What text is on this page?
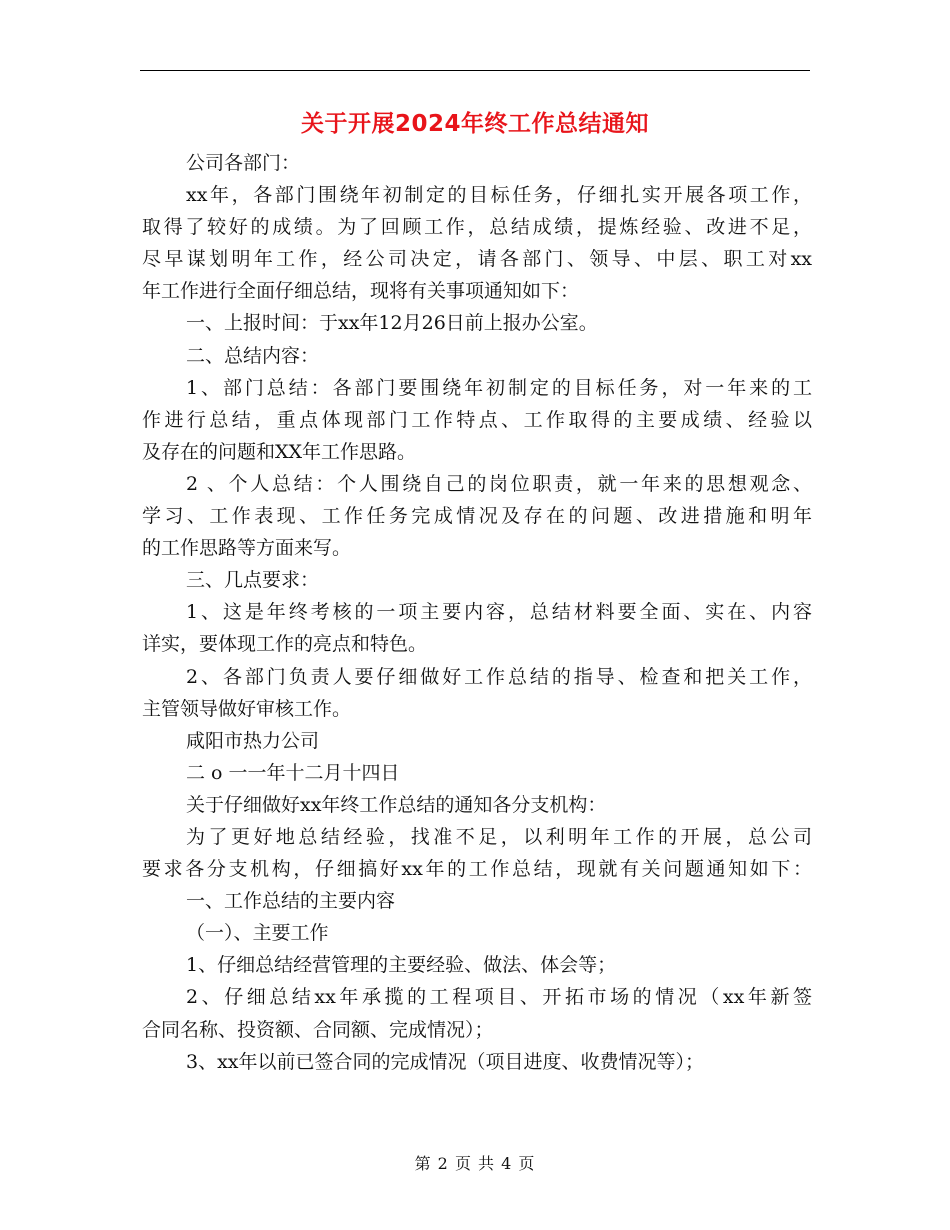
关于开展2024年终工作总结通知
公司各部门：
xx年，各部门围绕年初制定的目标任务，仔细扎实开展各项工作，
取得了较好的成绩。为了回顾工作，总结成绩，提炼经验、改进不足，
尽早谋划明年工作，经公司决定，请各部门、领导、中层、职工对xx
年工作进行全面仔细总结，现将有关事项通知如下：
一、上报时间：于xx年12月26日前上报办公室。
二、总结内容：
1、部门总结：各部门要围绕年初制定的目标任务，对一年来的工
作进行总结，重点体现部门工作特点、工作取得的主要成绩、经验以
及存在的问题和XX年工作思路。
2 、个人总结：个人围绕自己的岗位职责，就一年来的思想观念、
学习、工作表现、工作任务完成情况及存在的问题、改进措施和明年
的工作思路等方面来写。
三、几点要求：
1、这是年终考核的一项主要内容，总结材料要全面、实在、内容
详实，要体现工作的亮点和特色。
2、各部门负责人要仔细做好工作总结的指导、检查和把关工作，
主管领导做好审核工作。
咸阳市热力公司
二 o 一一年十二月十四日
关于仔细做好xx年终工作总结的通知各分支机构：
为了更好地总结经验，找准不足，以利明年工作的开展，总公司
要求各分支机构，仔细搞好xx年的工作总结，现就有关问题通知如下：
一、工作总结的主要内容
（一）、主要工作
1、仔细总结经营管理的主要经验、做法、体会等；
2、仔细总结xx年承揽的工程项目、开拓市场的情况（xx年新签
合同名称、投资额、合同额、完成情况）；
3、xx年以前已签合同的完成情况（项目进度、收费情况等）；
第 2 页 共 4 页
